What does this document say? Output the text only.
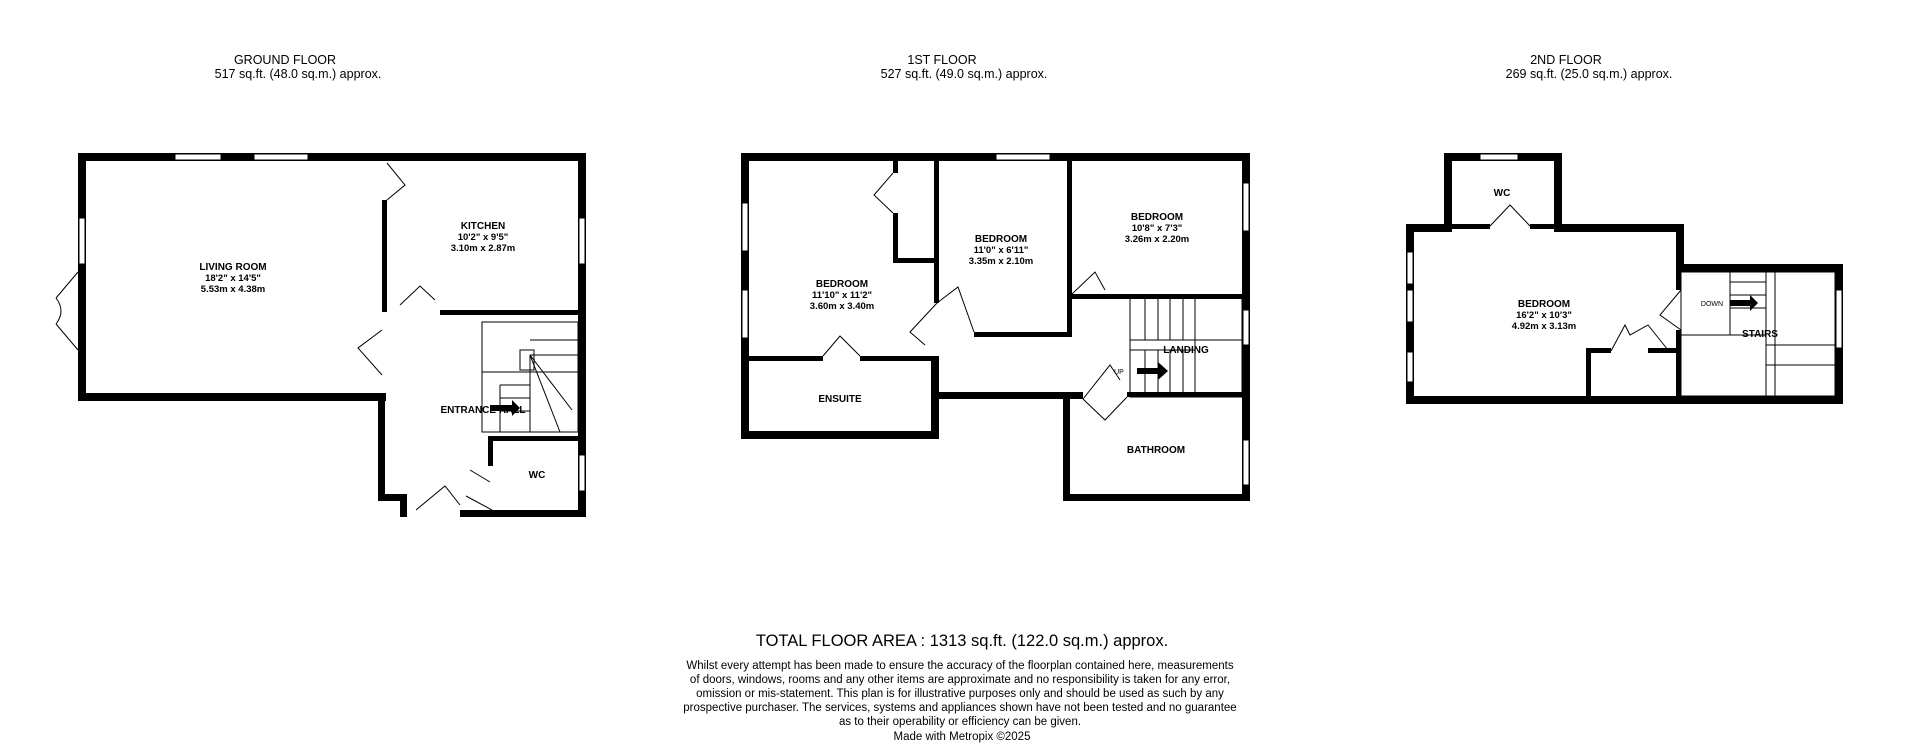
GROUND FLOOR
517 sq.ft. (48.0 sq.m.) approx.
LIVING ROOM
18'2" x 14'5"
5.53m x 4.38m
KITCHEN
10'2" x 9'5"
3.10m x 2.87m
ENTRANCE HALL
WC
1ST FLOOR
527 sq.ft. (49.0 sq.m.) approx.
BEDROOM
11'10" x 11'2"
3.60m x 3.40m
BEDROOM
11'0" x 6'11"
3.35m x 2.10m
BEDROOM
10'8" x 7'3"
3.26m x 2.20m
ENSUITE
LANDING
UP
BATHROOM
2ND FLOOR
269 sq.ft. (25.0 sq.m.) approx.
BEDROOM
16'2" x 10'3"
4.92m x 3.13m
WC
STAIRS
DOWN
TOTAL FLOOR AREA : 1313 sq.ft. (122.0 sq.m.) approx.
Whilst every attempt has been made to ensure the accuracy of the floorplan contained here, measurements
of doors, windows, rooms and any other items are approximate and no responsibility is taken for any error,
omission or mis-statement. This plan is for illustrative purposes only and should be used as such by any
prospective purchaser. The services, systems and appliances shown have not been tested and no guarantee
as to their operability or efficiency can be given.
Made with Metropix ©2025
